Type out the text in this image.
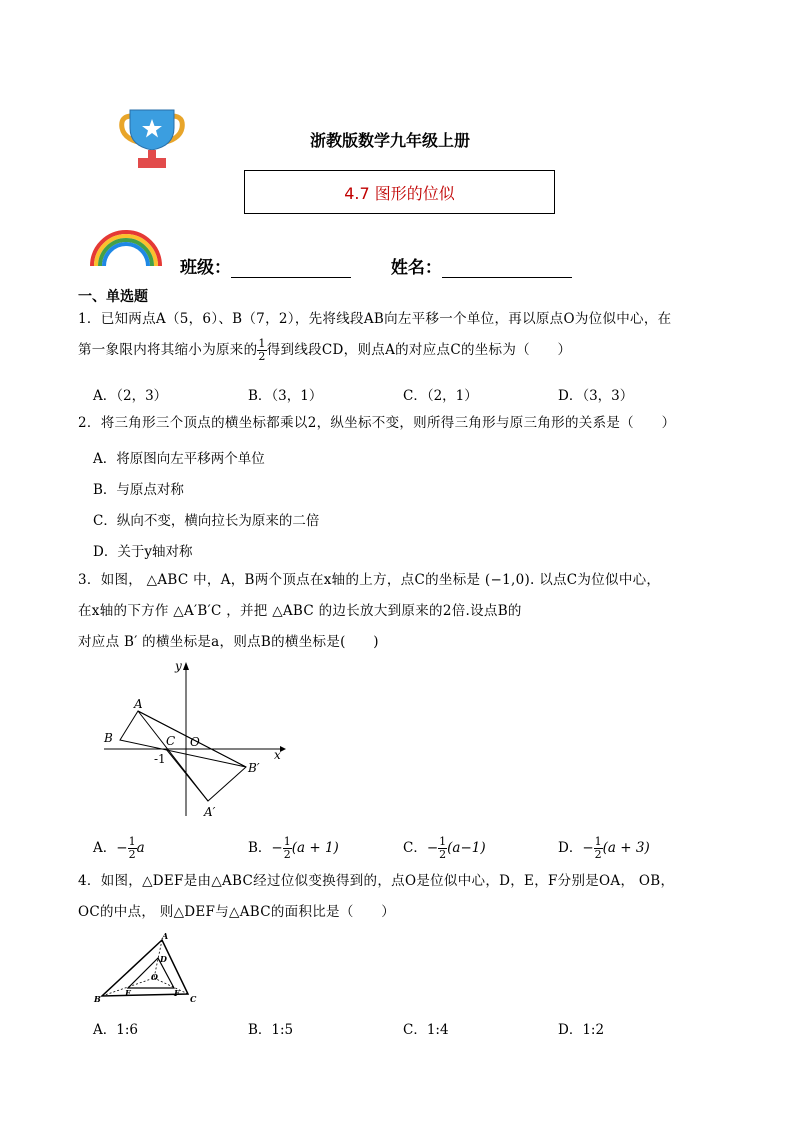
浙教版数学九年级上册
4.7 图形的位似
班级：	姓名：
一、单选题
1．已知两点A（5，6）、B（7，2），先将线段AB向左平移一个单位，再以原点O为位似中心，在
第一象限内将其缩小为原来的 $\frac{1}{2}$ 得到线段CD，则点A的对应点C的坐标为（　　）
A．（2，3）	B．（3，1）	C．（2，1）	D．（3，3）
2．将三角形三个顶点的横坐标都乘以2，纵坐标不变，则所得三角形与原三角形的关系是（　　）
A．将原图向左平移两个单位
B．与原点对称
C．纵向不变，横向拉长为原来的二倍
D．关于y轴对称
3．如图， △ABC 中，A，B两个顶点在x轴的上方，点C的坐标是 (−1,0). 以点C为位似中心，
在x轴的下方作 △A′B′C ，并把 △ABC 的边长放大到原来的2倍.设点B的
对应点 B′ 的横坐标是a，则点B的横坐标是(　　)
y
x
A
B	C O
-1
B′
A′
A．− $\frac{1}{2}$ a	B．− $\frac{1}{2} (a + 1)$	C．− $\frac{1}{2} (a-1)$	D．− $\frac{1}{2} (a + 3)$
4．如图，△DEF是由△ABC经过位似变换得到的，点O是位似中心，D，E，F分别是OA， OB，
OC的中点， 则△DEF与△ABC的面积比是（　　）
A
B	C
D
E	F
O
A．1:6	B．1:5	C．1:4	D．1:2
